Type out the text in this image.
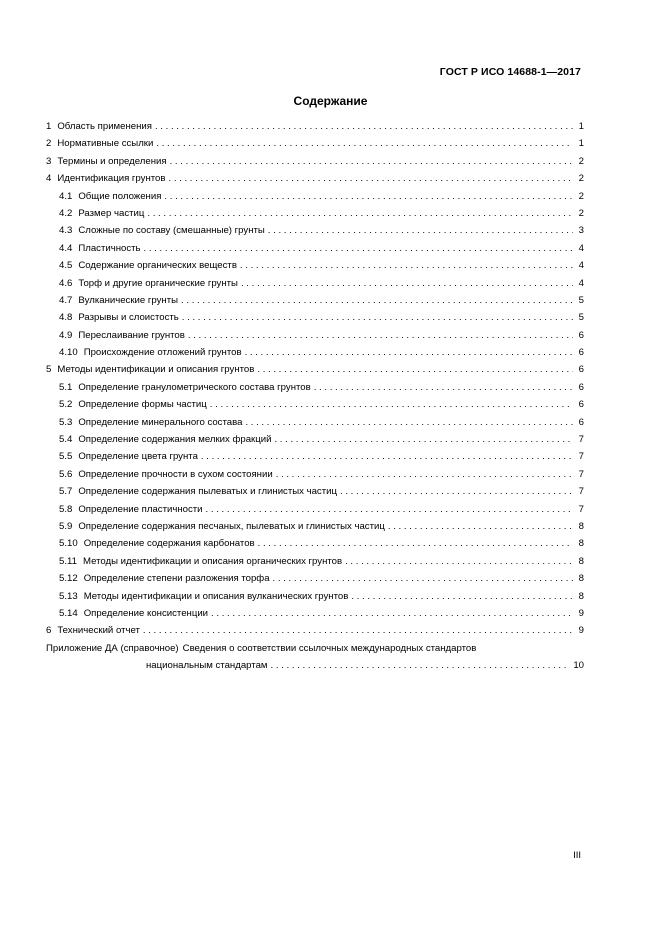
ГОСТ Р ИСО 14688-1—2017
Содержание
1 Область применения . . .	1
2 Нормативные ссылки . . .	1
3 Термины и определения . . .	2
4 Идентификация грунтов . . .	2
4.1 Общие положения . . .	2
4.2 Размер частиц . . .	2
4.3 Сложные по составу (смешанные) грунты . . .	3
4.4 Пластичность . . .	4
4.5 Содержание органических веществ . . .	4
4.6 Торф и другие органические грунты . . .	4
4.7 Вулканические грунты . . .	5
4.8 Разрывы и слоистость . . .	5
4.9 Переслаивание грунтов . . .	6
4.10 Происхождение отложений грунтов . . .	6
5 Методы идентификации и описания грунтов . . .	6
5.1 Определение гранулометрического состава грунтов . . .	6
5.2 Определение формы частиц . . .	6
5.3 Определение минерального состава . . .	6
5.4 Определение содержания мелких фракций . . .	7
5.5 Определение цвета грунта . . .	7
5.6 Определение прочности в сухом состоянии . . .	7
5.7 Определение содержания пылеватых и глинистых частиц . . .	7
5.8 Определение пластичности . . .	7
5.9 Определение содержания песчаных, пылеватых и глинистых частиц . . .	8
5.10 Определение содержания карбонатов . . .	8
5.11 Методы идентификации и описания органических грунтов . . .	8
5.12 Определение степени разложения торфа . . .	8
5.13 Методы идентификации и описания вулканических грунтов . . .	8
5.14 Определение консистенции . . .	9
6 Технический отчет . . .	9
Приложение ДА (справочное) Сведения о соответствии ссылочных международных стандартов
национальным стандартам . . .	10
III
